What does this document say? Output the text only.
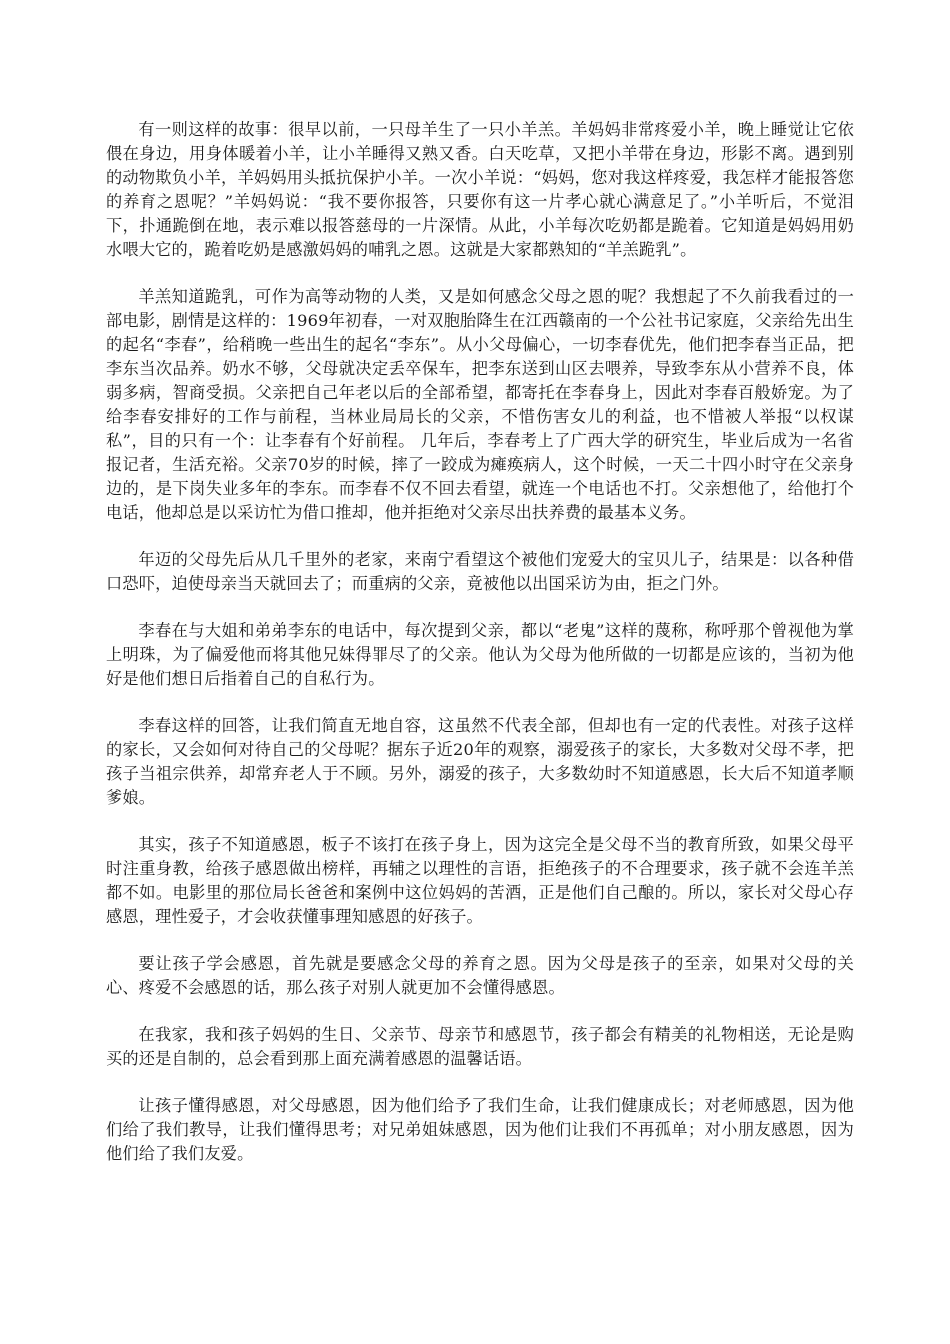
有一则这样的故事：很早以前，一只母羊生了一只小羊羔。羊妈妈非常疼爱小羊，晚上睡觉让它依偎在身边，用身体暖着小羊，让小羊睡得又熟又香。白天吃草，又把小羊带在身边，形影不离。遇到别的动物欺负小羊，羊妈妈用头抵抗保护小羊。一次小羊说：“妈妈，您对我这样疼爱，我怎样才能报答您的养育之恩呢？”羊妈妈说：“我不要你报答，只要你有这一片孝心就心满意足了。”小羊听后，不觉泪下，扑通跪倒在地，表示难以报答慈母的一片深情。从此，小羊每次吃奶都是跪着。它知道是妈妈用奶水喂大它的，跪着吃奶是感激妈妈的哺乳之恩。这就是大家都熟知的“羊羔跪乳”。

羊羔知道跪乳，可作为高等动物的人类，又是如何感念父母之恩的呢？我想起了不久前我看过的一部电影，剧情是这样的：1969年初春，一对双胞胎降生在江西赣南的一个公社书记家庭，父亲给先出生的起名“李春”，给稍晚一些出生的起名“李东”。从小父母偏心，一切李春优先，他们把李春当正品，把李东当次品养。奶水不够，父母就决定丢卒保车，把李东送到山区去喂养，导致李东从小营养不良，体弱多病，智商受损。父亲把自己年老以后的全部希望，都寄托在李春身上，因此对李春百般娇宠。为了给李春安排好的工作与前程，当林业局局长的父亲，不惜伤害女儿的利益，也不惜被人举报“以权谋私”，目的只有一个：让李春有个好前程。 几年后，李春考上了广西大学的研究生，毕业后成为一名省报记者，生活充裕。父亲70岁的时候，摔了一跤成为瘫痪病人，这个时候，一天二十四小时守在父亲身边的，是下岗失业多年的李东。而李春不仅不回去看望，就连一个电话也不打。父亲想他了，给他打个电话，他却总是以采访忙为借口推却，他并拒绝对父亲尽出扶养费的最基本义务。

年迈的父母先后从几千里外的老家，来南宁看望这个被他们宠爱大的宝贝儿子，结果是：以各种借口恐吓，迫使母亲当天就回去了；而重病的父亲，竟被他以出国采访为由，拒之门外。

李春在与大姐和弟弟李东的电话中，每次提到父亲，都以“老鬼”这样的蔑称，称呼那个曾视他为掌上明珠，为了偏爱他而将其他兄妹得罪尽了的父亲。他认为父母为他所做的一切都是应该的，当初为他好是他们想日后指着自己的自私行为。

李春这样的回答，让我们简直无地自容，这虽然不代表全部，但却也有一定的代表性。对孩子这样的家长，又会如何对待自己的父母呢？据东子近20年的观察，溺爱孩子的家长，大多数对父母不孝，把孩子当祖宗供养，却常弃老人于不顾。另外，溺爱的孩子，大多数幼时不知道感恩，长大后不知道孝顺爹娘。

其实，孩子不知道感恩，板子不该打在孩子身上，因为这完全是父母不当的教育所致，如果父母平时注重身教，给孩子感恩做出榜样，再辅之以理性的言语，拒绝孩子的不合理要求，孩子就不会连羊羔都不如。电影里的那位局长爸爸和案例中这位妈妈的苦酒，正是他们自己酿的。所以，家长对父母心存感恩，理性爱子，才会收获懂事理知感恩的好孩子。

要让孩子学会感恩，首先就是要感念父母的养育之恩。因为父母是孩子的至亲，如果对父母的关心、疼爱不会感恩的话，那么孩子对别人就更加不会懂得感恩。

在我家，我和孩子妈妈的生日、父亲节、母亲节和感恩节，孩子都会有精美的礼物相送，无论是购买的还是自制的，总会看到那上面充满着感恩的温馨话语。

让孩子懂得感恩，对父母感恩，因为他们给予了我们生命，让我们健康成长；对老师感恩，因为他们给了我们教导，让我们懂得思考；对兄弟姐妹感恩，因为他们让我们不再孤单；对小朋友感恩，因为他们给了我们友爱。
